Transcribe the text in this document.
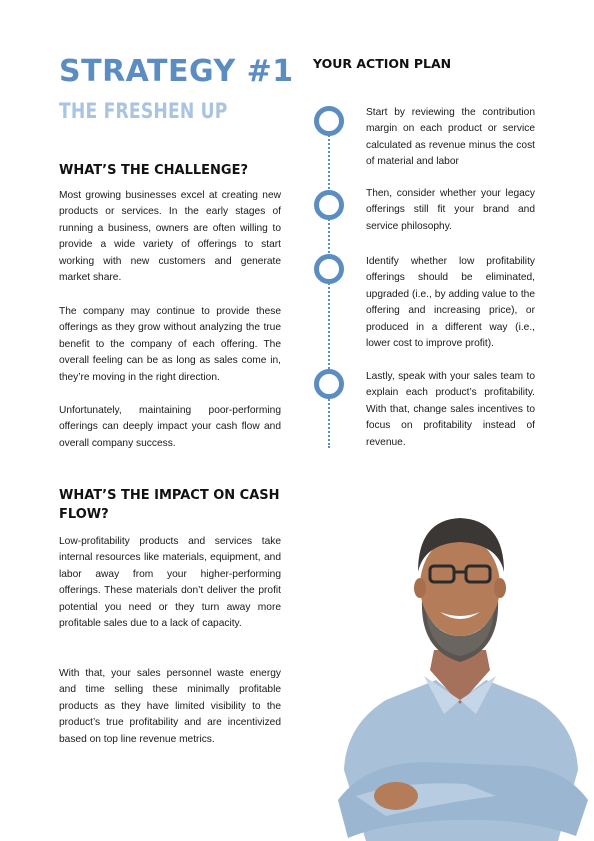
STRATEGY #1
THE FRESHEN UP
WHAT’S THE CHALLENGE?

Most growing businesses excel at creating new products or services. In the early stages of running a business, owners are often willing to provide a wide variety of offerings to start working with new customers and generate market share.

The company may continue to provide these offerings as they grow without analyzing the true benefit to the company of each offering. The overall feeling can be as long as sales come in, they’re moving in the right direction.

Unfortunately, maintaining poor-performing offerings can deeply impact your cash flow and overall company success.

WHAT’S THE IMPACT ON CASH FLOW?

Low-profitability products and services take internal resources like materials, equipment, and labor away from your higher-performing offerings. These materials don’t deliver the profit potential you need or they turn away more profitable sales due to a lack of capacity.

With that, your sales personnel waste energy and time selling these minimally profitable products as they have limited visibility to the product’s true profitability and are incentivized based on top line revenue metrics.

YOUR ACTION PLAN

Start by reviewing the contribution margin on each product or service calculated as revenue minus the cost of material and labor

Then, consider whether your legacy offerings still fit your brand and service philosophy.

Identify whether low profitability offerings should be eliminated, upgraded (i.e., by adding value to the offering and increasing price), or produced in a different way (i.e., lower cost to improve profit).

Lastly, speak with your sales team to explain each product’s profitability. With that, change sales incentives to focus on profitability instead of revenue.
